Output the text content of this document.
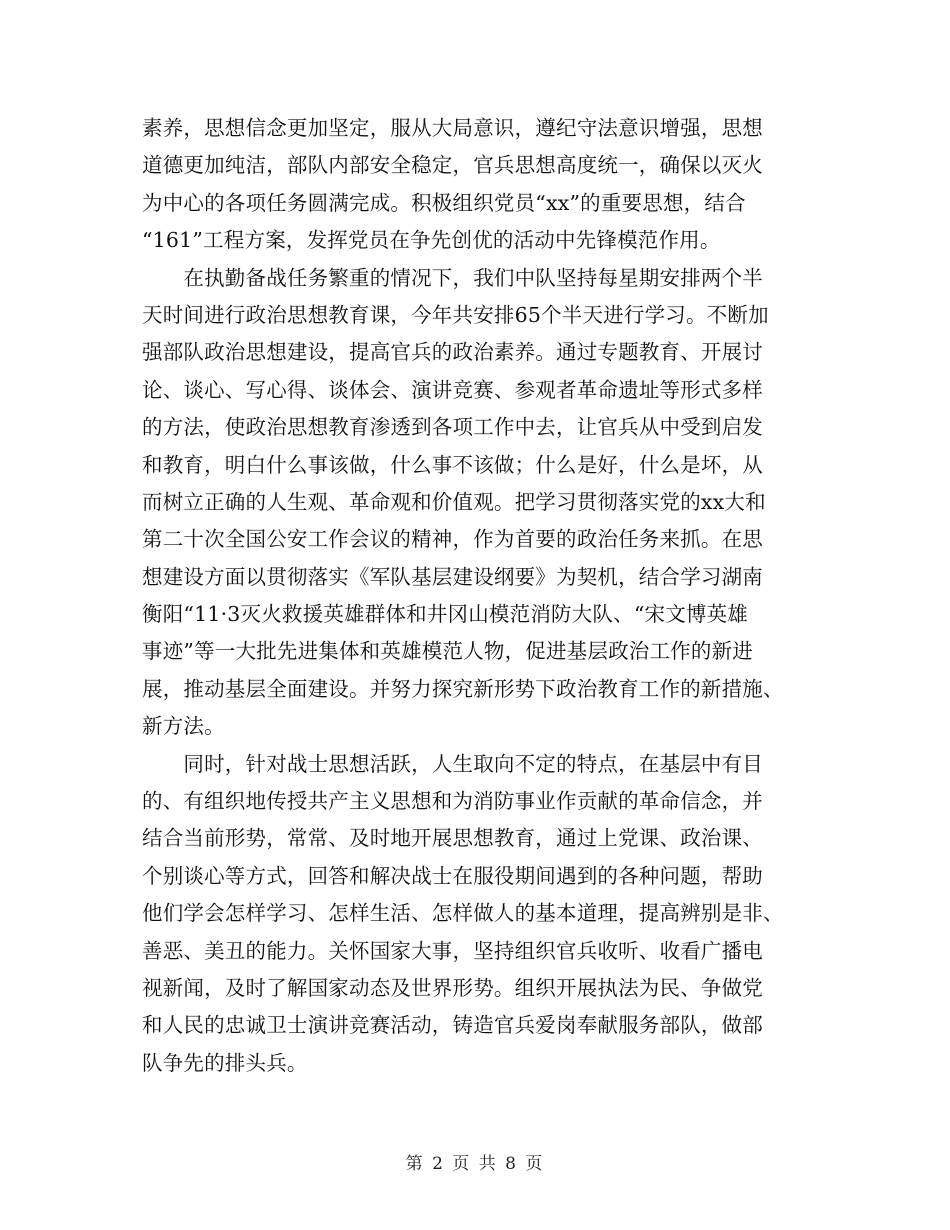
素养，思想信念更加坚定，服从大局意识，遵纪守法意识增强，思想
道德更加纯洁，部队内部安全稳定，官兵思想高度统一，确保以灭火
为中心的各项任务圆满完成。积极组织党员“xx”的重要思想，结合
“161”工程方案，发挥党员在争先创优的活动中先锋模范作用。
　　在执勤备战任务繁重的情况下，我们中队坚持每星期安排两个半
天时间进行政治思想教育课，今年共安排65个半天进行学习。不断加
强部队政治思想建设，提高官兵的政治素养。通过专题教育、开展讨
论、谈心、写心得、谈体会、演讲竞赛、参观者革命遗址等形式多样
的方法，使政治思想教育渗透到各项工作中去，让官兵从中受到启发
和教育，明白什么事该做，什么事不该做；什么是好，什么是坏，从
而树立正确的人生观、革命观和价值观。把学习贯彻落实党的xx大和
第二十次全国公安工作会议的精神，作为首要的政治任务来抓。在思
想建设方面以贯彻落实《军队基层建设纲要》为契机，结合学习湖南
衡阳“11·3灭火救援英雄群体和井冈山模范消防大队、“宋文博英雄
事迹”等一大批先进集体和英雄模范人物，促进基层政治工作的新进
展，推动基层全面建设。并努力探究新形势下政治教育工作的新措施、
新方法。
　　同时，针对战士思想活跃，人生取向不定的特点，在基层中有目
的、有组织地传授共产主义思想和为消防事业作贡献的革命信念，并
结合当前形势，常常、及时地开展思想教育，通过上党课、政治课、
个别谈心等方式，回答和解决战士在服役期间遇到的各种问题，帮助
他们学会怎样学习、怎样生活、怎样做人的基本道理，提高辨别是非、
善恶、美丑的能力。关怀国家大事，坚持组织官兵收听、收看广播电
视新闻，及时了解国家动态及世界形势。组织开展执法为民、争做党
和人民的忠诚卫士演讲竞赛活动，铸造官兵爱岗奉献服务部队，做部
队争先的排头兵。
第 2 页 共 8 页
